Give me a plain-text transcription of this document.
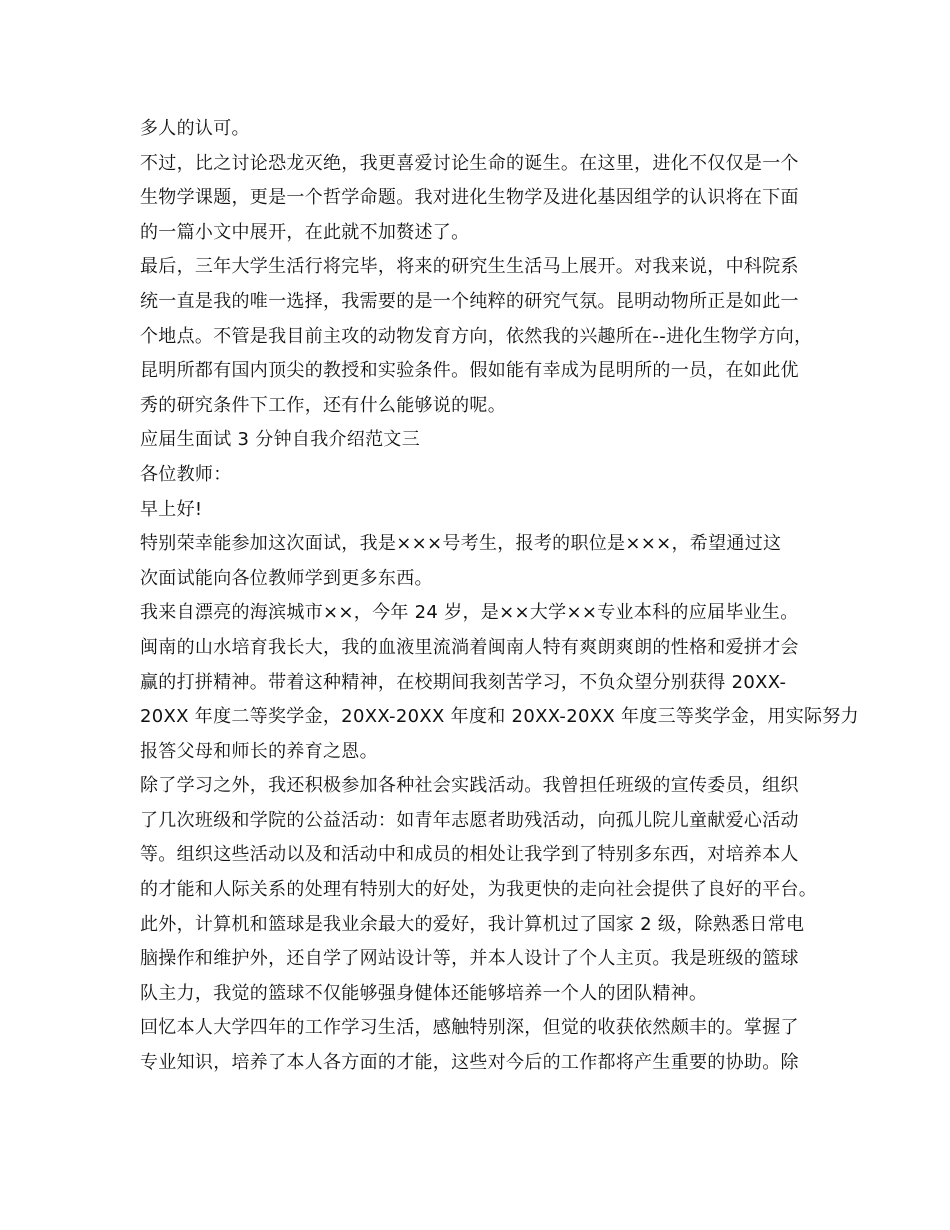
多人的认可。
不过，比之讨论恐龙灭绝，我更喜爱讨论生命的诞生。在这里，进化不仅仅是一个
生物学课题，更是一个哲学命题。我对进化生物学及进化基因组学的认识将在下面
的一篇小文中展开，在此就不加赘述了。
最后，三年大学生活行将完毕，将来的研究生生活马上展开。对我来说，中科院系
统一直是我的唯一选择，我需要的是一个纯粹的研究气氛。昆明动物所正是如此一
个地点。不管是我目前主攻的动物发育方向，依然我的兴趣所在--进化生物学方向，
昆明所都有国内顶尖的教授和实验条件。假如能有幸成为昆明所的一员，在如此优
秀的研究条件下工作，还有什么能够说的呢。
应届生面试 3 分钟自我介绍范文三
各位教师：
早上好!
特别荣幸能参加这次面试，我是×××号考生，报考的职位是×××，希望通过这
次面试能向各位教师学到更多东西。
我来自漂亮的海滨城市××，今年 24 岁，是××大学××专业本科的应届毕业生。
闽南的山水培育我长大，我的血液里流淌着闽南人特有爽朗爽朗的性格和爱拼才会
赢的打拼精神。带着这种精神，在校期间我刻苦学习，不负众望分别获得 20XX-
20XX 年度二等奖学金，20XX-20XX 年度和 20XX-20XX 年度三等奖学金，用实际努力
报答父母和师长的养育之恩。
除了学习之外，我还积极参加各种社会实践活动。我曾担任班级的宣传委员，组织
了几次班级和学院的公益活动：如青年志愿者助残活动，向孤儿院儿童献爱心活动
等。组织这些活动以及和活动中和成员的相处让我学到了特别多东西，对培养本人
的才能和人际关系的处理有特别大的好处，为我更快的走向社会提供了良好的平台。
此外，计算机和篮球是我业余最大的爱好，我计算机过了国家 2 级，除熟悉日常电
脑操作和维护外，还自学了网站设计等，并本人设计了个人主页。我是班级的篮球
队主力，我觉的篮球不仅能够强身健体还能够培养一个人的团队精神。
回忆本人大学四年的工作学习生活，感触特别深，但觉的收获依然颇丰的。掌握了
专业知识，培养了本人各方面的才能，这些对今后的工作都将产生重要的协助。除
